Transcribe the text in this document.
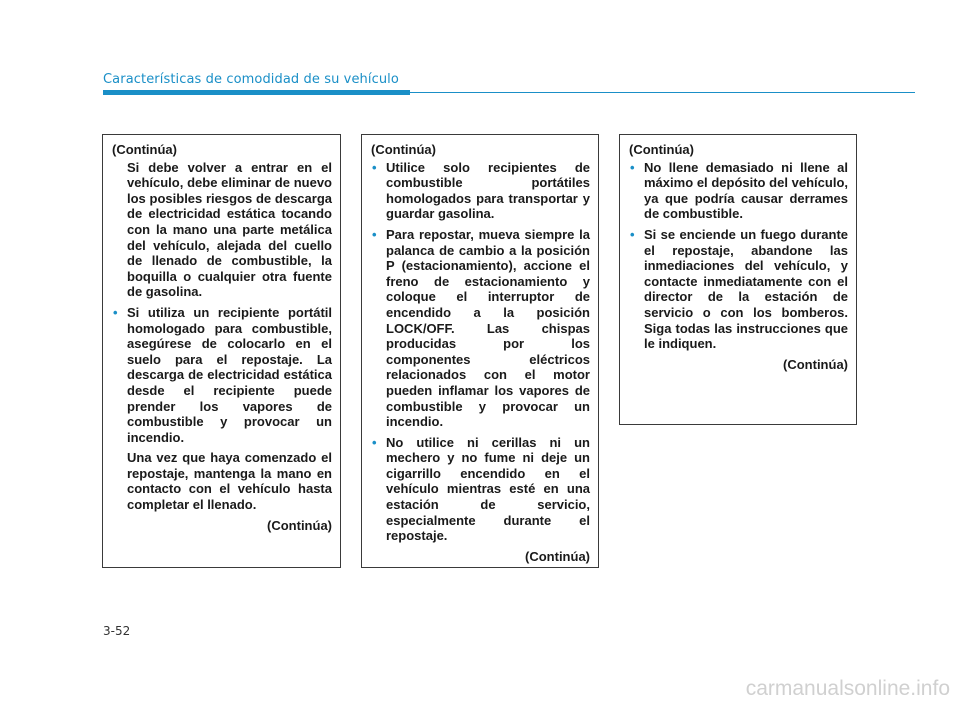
Características de comodidad de su vehículo
(Continúa)

Si debe volver a entrar en el vehículo, debe eliminar de nuevo los posibles riesgos de descarga de electricidad estática tocando con la mano una parte metálica del vehículo, alejada del cuello de llenado de combustible, la boquilla o cualquier otra fuente de gasolina.

• Si utiliza un recipiente portátil homologado para combustible, asegúrese de colocarlo en el suelo para el repostaje. La descarga de electricidad estática desde el recipiente puede prender los vapores de combustible y provocar un incendio.

Una vez que haya comenzado el repostaje, mantenga la mano en contacto con el vehículo hasta completar el llenado.

(Continúa)
(Continúa)

• Utilice solo recipientes de combustible portátiles homologados para transportar y guardar gasolina.

• Para repostar, mueva siempre la palanca de cambio a la posición P (estacionamiento), accione el freno de estacionamiento y coloque el interruptor de encendido a la posición LOCK/OFF. Las chispas producidas por los componentes eléctricos relacionados con el motor pueden inflamar los vapores de combustible y provocar un incendio.

• No utilice ni cerillas ni un mechero y no fume ni deje un cigarrillo encendido en el vehículo mientras esté en una estación de servicio, especialmente durante el repostaje.

(Continúa)
(Continúa)

• No llene demasiado ni llene al máximo el depósito del vehículo, ya que podría causar derrames de combustible.

• Si se enciende un fuego durante el repostaje, abandone las inmediaciones del vehículo, y contacte inmediatamente con el director de la estación de servicio o con los bomberos. Siga todas las instrucciones que le indiquen.

(Continúa)
3-52
carmanualsonline.info
